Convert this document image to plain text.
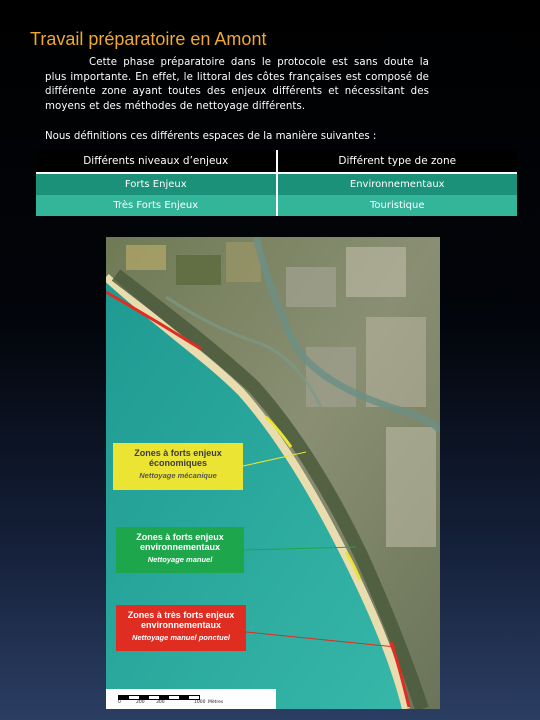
Travail préparatoire en Amont

Cette phase préparatoire dans le protocole est sans doute la plus importante. En effet, le littoral des côtes françaises est composé de différente zone ayant toutes des enjeux différents et nécessitant des moyens et des méthodes de nettoyage différents.

Nous définitions ces différents espaces de la manière suivantes :
Différents niveaux d’enjeux	Différent type de zone
Forts Enjeux	Environnementaux
Très Forts Enjeux	Touristique
Zones à forts enjeux économiques
Nettoyage mécanique
Zones à forts enjeux environnementaux
Nettoyage manuel
Zones à très forts enjeux environnementaux
Nettoyage manuel ponctuel
0	200	300	1000 Mètres
